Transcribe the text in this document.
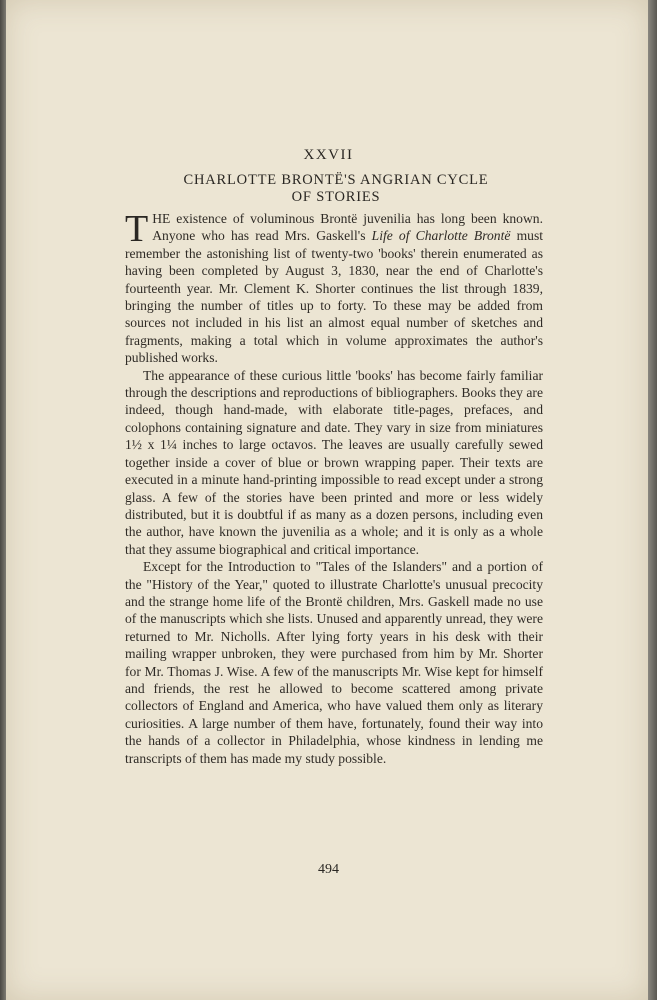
XXVII
CHARLOTTE BRONTË'S ANGRIAN CYCLE
OF STORIES

THE existence of voluminous Brontë juvenilia has long been known. Anyone who has read Mrs. Gaskell's Life of Charlotte Brontë must remember the astonishing list of twenty-two 'books' therein enumerated as having been completed by August 3, 1830, near the end of Charlotte's fourteenth year. Mr. Clement K. Shorter continues the list through 1839, bringing the number of titles up to forty. To these may be added from sources not included in his list an almost equal number of sketches and fragments, making a total which in volume approximates the author's published works.

The appearance of these curious little 'books' has become fairly familiar through the descriptions and reproductions of bibliographers. Books they are indeed, though hand-made, with elaborate title-pages, prefaces, and colophons containing signature and date. They vary in size from miniatures 1½ x 1¼ inches to large octavos. The leaves are usually carefully sewed together inside a cover of blue or brown wrapping paper. Their texts are executed in a minute hand-printing impossible to read except under a strong glass. A few of the stories have been printed and more or less widely distributed, but it is doubtful if as many as a dozen persons, including even the author, have known the juvenilia as a whole; and it is only as a whole that they assume biographical and critical importance.

Except for the Introduction to "Tales of the Islanders" and a portion of the "History of the Year," quoted to illustrate Charlotte's unusual precocity and the strange home life of the Brontë children, Mrs. Gaskell made no use of the manuscripts which she lists. Unused and apparently unread, they were returned to Mr. Nicholls. After lying forty years in his desk with their mailing wrapper unbroken, they were purchased from him by Mr. Shorter for Mr. Thomas J. Wise. A few of the manuscripts Mr. Wise kept for himself and friends, the rest he allowed to become scattered among private collectors of England and America, who have valued them only as literary curiosities. A large number of them have, fortunately, found their way into the hands of a collector in Philadelphia, whose kindness in lending me transcripts of them has made my study possible.

494
